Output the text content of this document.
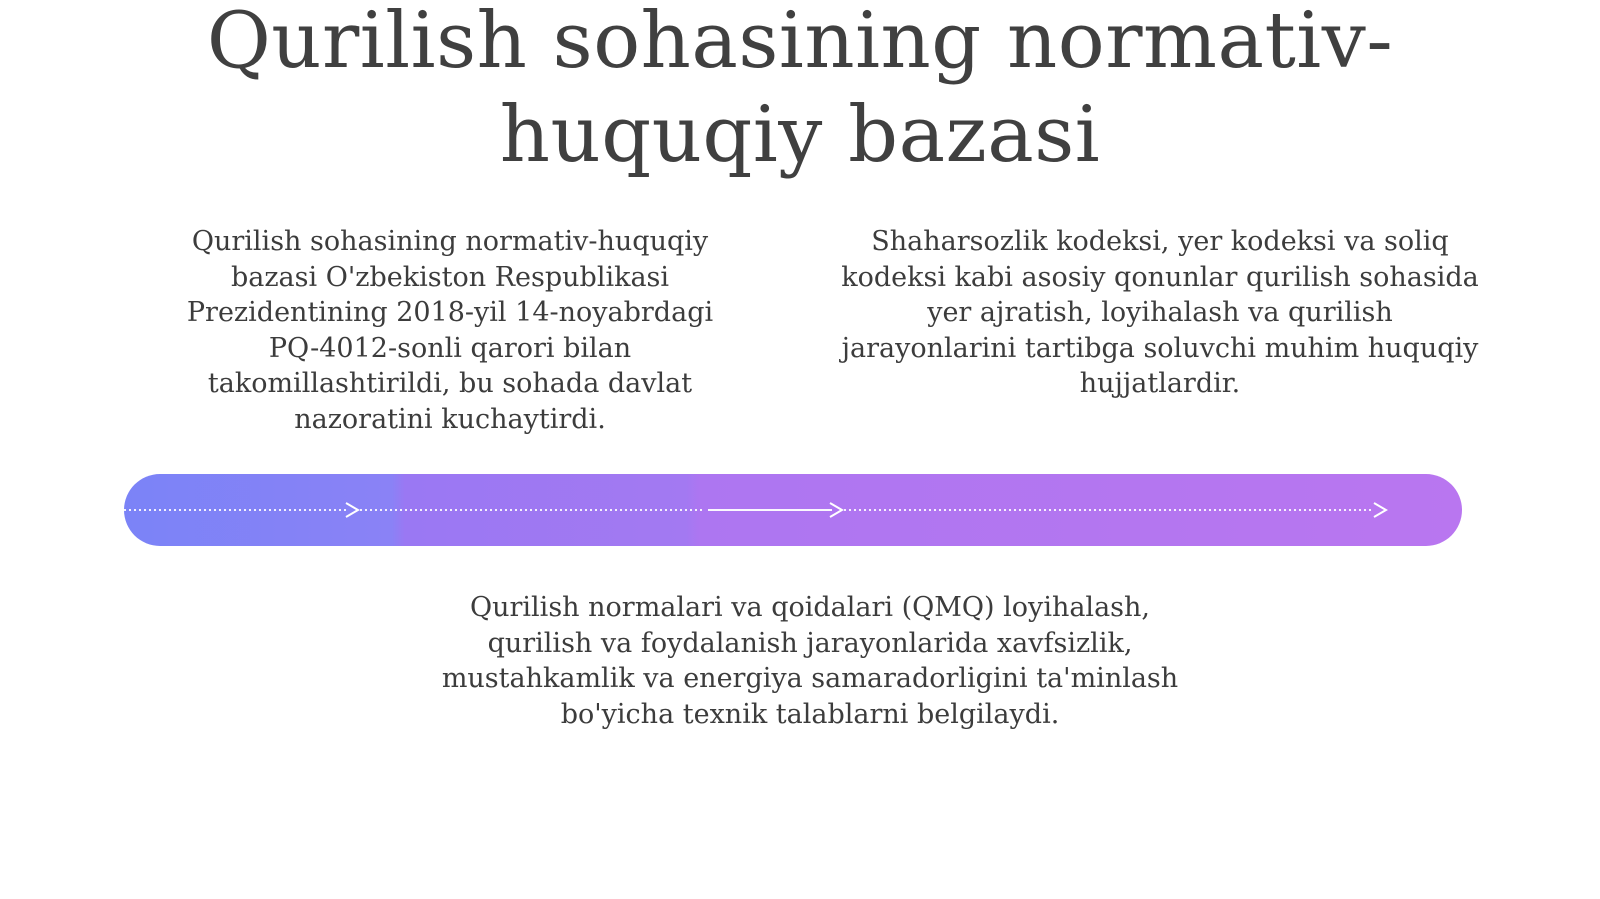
Qurilish sohasining normativ-huquqiy bazasi

Qurilish sohasining normativ-huquqiy bazasi O'zbekiston Respublikasi Prezidentining 2018-yil 14-noyabrdagi PQ-4012-sonli qarori bilan takomillashtirildi, bu sohada davlat nazoratini kuchaytirdi.

Shaharsozlik kodeksi, yer kodeksi va soliq kodeksi kabi asosiy qonunlar qurilish sohasida yer ajratish, loyihalash va qurilish jarayonlarini tartibga soluvchi muhim huquqiy hujjatlardir.

Qurilish normalari va qoidalari (QMQ) loyihalash, qurilish va foydalanish jarayonlarida xavfsizlik, mustahkamlik va energiya samaradorligini ta'minlash bo'yicha texnik talablarni belgilaydi.
